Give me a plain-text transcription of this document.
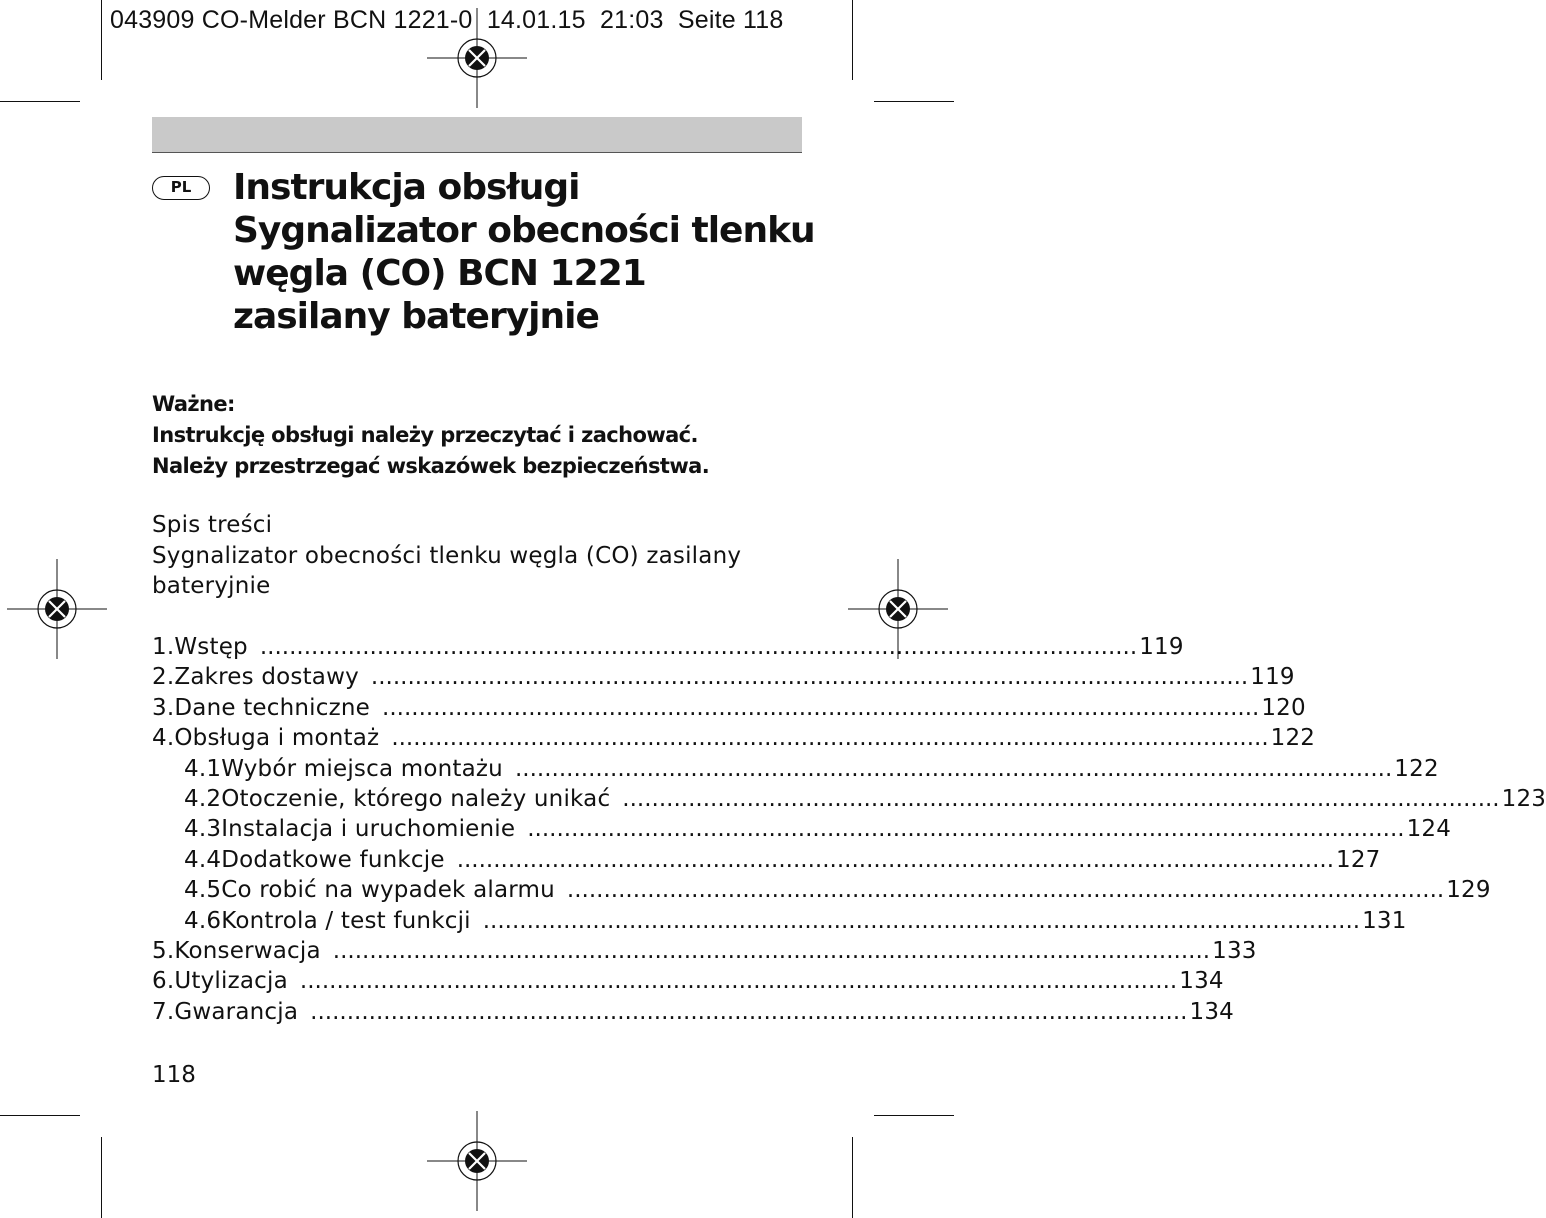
043909 CO-Melder BCN 1221-0  14.01.15  21:03  Seite 118
PL	Instrukcja obsługi
Sygnalizator obecności tlenku
węgla (CO) BCN 1221
zasilany bateryjnie
Ważne:
Instrukcję obsługi należy przeczytać i zachować.
Należy przestrzegać wskazówek bezpieczeństwa.
Spis treści
Sygnalizator obecności tlenku węgla (CO) zasilany
bateryjnie
1. Wstęp ........................................................................................................................ 119
2. Zakres dostawy ........................................................................................................................ 119
3. Dane techniczne ........................................................................................................................ 120
4. Obsługa i montaż ........................................................................................................................ 122
4.1 Wybór miejsca montażu ........................................................................................................................ 122
4.2 Otoczenie, którego należy unikać ........................................................................................................................ 123
4.3 Instalacja i uruchomienie ........................................................................................................................ 124
4.4 Dodatkowe funkcje ........................................................................................................................ 127
4.5 Co robić na wypadek alarmu ........................................................................................................................ 129
4.6 Kontrola / test funkcji ........................................................................................................................ 131
5. Konserwacja ........................................................................................................................ 133
6. Utylizacja ........................................................................................................................ 134
7. Gwarancja ........................................................................................................................ 134
118
